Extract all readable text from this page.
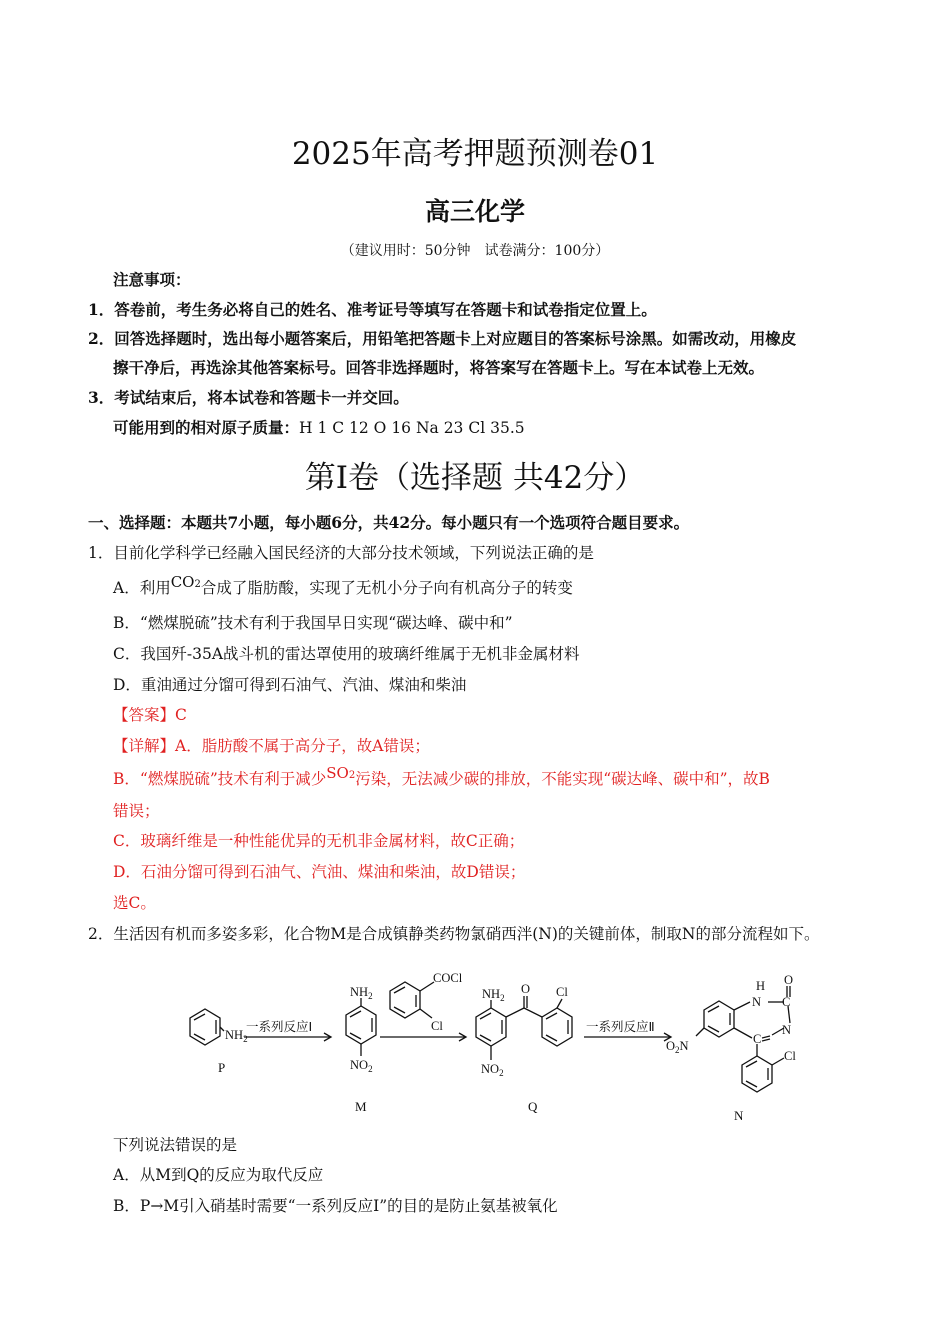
2025年高考押题预测卷01
高三化学
（建议用时：50分钟　试卷满分：100分）
注意事项：
1．答卷前，考生务必将自己的姓名、准考证号等填写在答题卡和试卷指定位置上。
2．回答选择题时，选出每小题答案后，用铅笔把答题卡上对应题目的答案标号涂黑。如需改动，用橡皮
擦干净后，再选涂其他答案标号。回答非选择题时，将答案写在答题卡上。写在本试卷上无效。
3．考试结束后，将本试卷和答题卡一并交回。
可能用到的相对原子质量：H 1 C 12 O 16 Na 23 Cl 35.5
第Ⅰ卷（选择题 共42分）
一、选择题：本题共7小题，每小题6分，共42分。每小题只有一个选项符合题目要求。
1．目前化学科学已经融入国民经济的大部分技术领域，下列说法正确的是
A．利用CO2合成了脂肪酸，实现了无机小分子向有机高分子的转变
B．“燃煤脱硫”技术有利于我国早日实现“碳达峰、碳中和”
C．我国歼-35A战斗机的雷达罩使用的玻璃纤维属于无机非金属材料
D．重油通过分馏可得到石油气、汽油、煤油和柴油
【答案】C
【详解】A．脂肪酸不属于高分子，故A错误；
B．“燃煤脱硫”技术有利于减少SO2污染，无法减少碳的排放，不能实现“碳达峰、碳中和”，故B
错误；
C．玻璃纤维是一种性能优异的无机非金属材料，故C正确；
D．石油分馏可得到石油气、汽油、煤油和柴油，故D错误；
选C。
2．生活因有机而多姿多彩，化合物M是合成镇静类药物氯硝西泮(N)的关键前体，制取N的部分流程如下。
$NH_2$
P
一系列反应Ⅰ
$NH_2$
$NO_2$
M
COCl
Cl
$NH_2$
O Cl
$NO_2$
Q
一系列反应Ⅱ
H
N
O
C
N
C
$O_2N$
Cl
N
下列说法错误的是
A．从M到Q的反应为取代反应
B．P→M引入硝基时需要“一系列反应Ⅰ”的目的是防止氨基被氧化
